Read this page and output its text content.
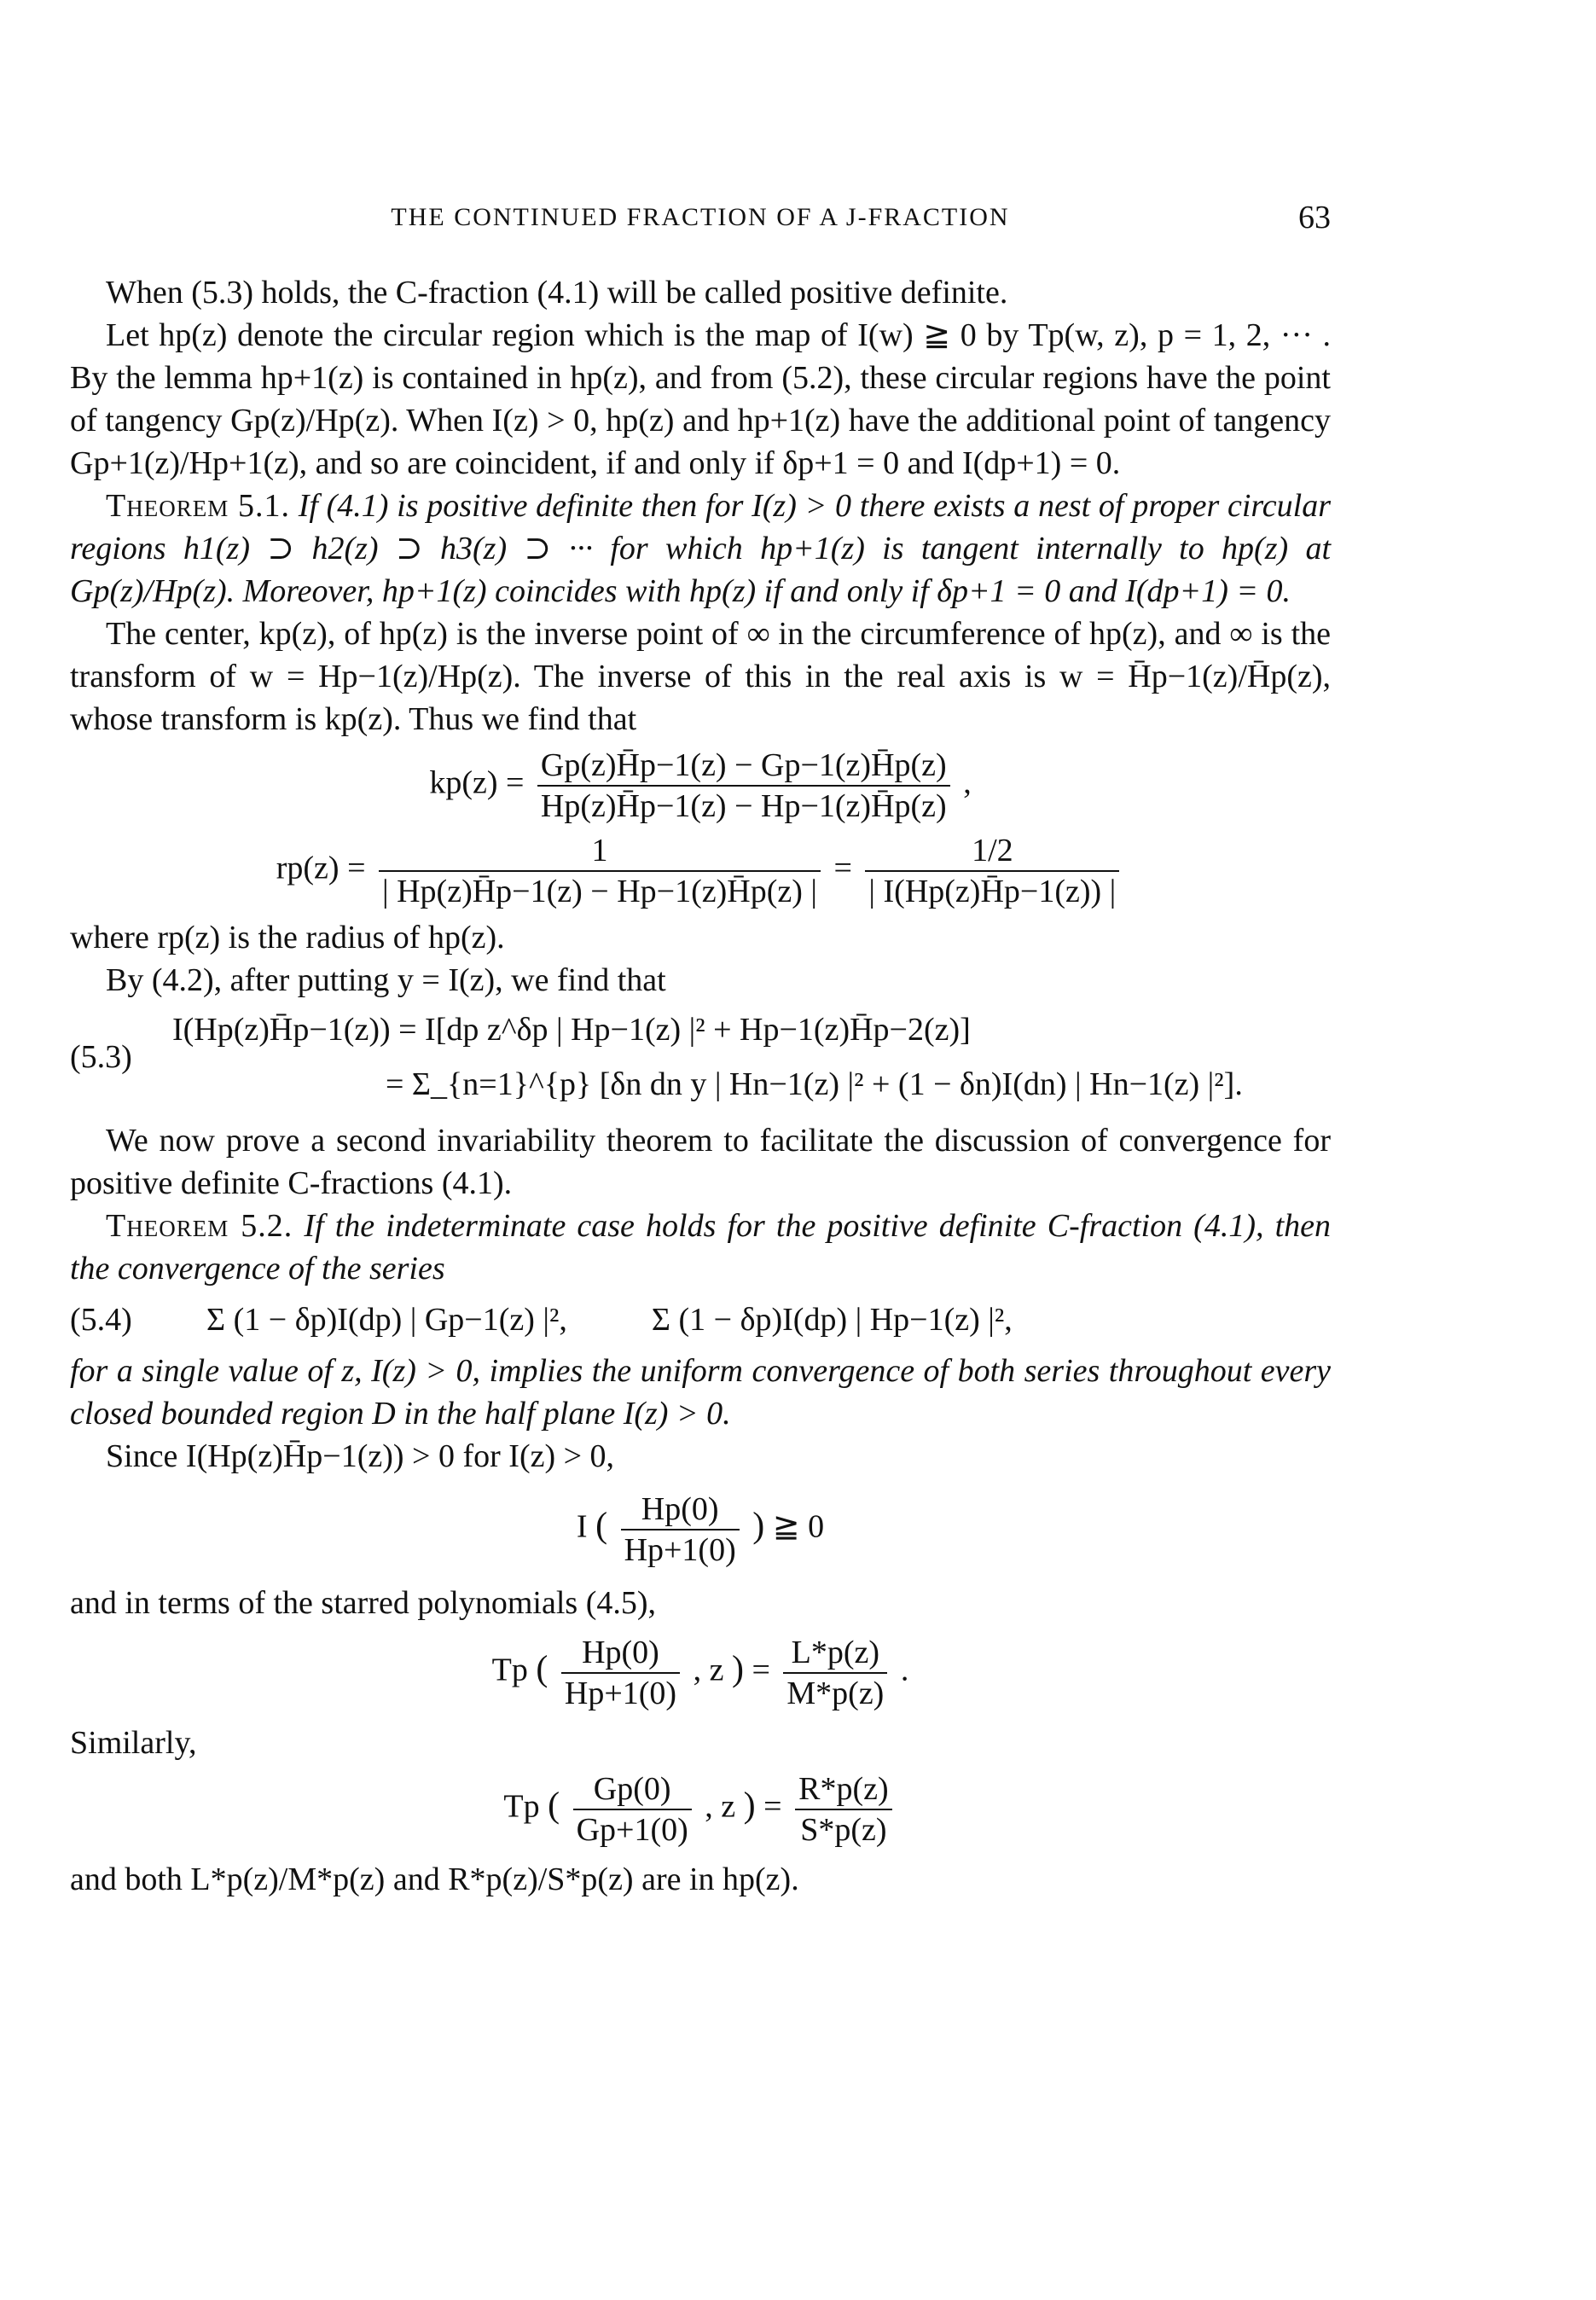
THE CONTINUED FRACTION OF A J-FRACTION	63

When (5.3) holds, the C-fraction (4.1) will be called positive definite.

Let hp(z) denote the circular region which is the map of I(w) ≧ 0 by Tp(w, z), p = 1, 2, ··· . By the lemma hp+1(z) is contained in hp(z), and from (5.2), these circular regions have the point of tangency Gp(z)/Hp(z). When I(z) > 0, hp(z) and hp+1(z) have the additional point of tangency Gp+1(z)/Hp+1(z), and so are coincident, if and only if δp+1 = 0 and I(dp+1) = 0.

Theorem 5.1. If (4.1) is positive definite then for I(z) > 0 there exists a nest of proper circular regions h1(z) ⊃ h2(z) ⊃ h3(z) ⊃ ··· for which hp+1(z) is tangent internally to hp(z) at Gp(z)/Hp(z). Moreover, hp+1(z) coincides with hp(z) if and only if δp+1 = 0 and I(dp+1) = 0.

The center, kp(z), of hp(z) is the inverse point of ∞ in the circumference of hp(z), and ∞ is the transform of w = Hp−1(z)/Hp(z). The inverse of this in the real axis is w = H̄p−1(z)/H̄p(z), whose transform is kp(z). Thus we find that

$kp(z) = \frac{Gp(z)H̄p-1(z) - Gp-1(z)H̄p(z)}{Hp(z)H̄p-1(z) - Hp-1(z)H̄p(z)}$ ,
$rp(z) = \frac{1}{| Hp(z)H̄p-1(z) - Hp-1(z)H̄p(z) |} = \frac{1/2}{| I(Hp(z)H̄p-1(z)) |}$

where rp(z) is the radius of hp(z).

By (4.2), after putting y = I(z), we find that

(5.3)
I(Hp(z)H̄p−1(z)) = I[dp z^δp | Hp−1(z) |² + Hp−1(z)H̄p−2(z)]
= Σ_{n=1}^{p} [δn dn y | Hn−1(z) |² + (1 − δn)I(dn) | Hn−1(z) |²].

We now prove a second invariability theorem to facilitate the discussion of convergence for positive definite C-fractions (4.1).

Theorem 5.2. If the indeterminate case holds for the positive definite C-fraction (4.1), then the convergence of the series

(5.4)	Σ (1 − δp)I(dp) | Gp−1(z) |²,	Σ (1 − δp)I(dp) | Hp−1(z) |²,

for a single value of z, I(z) > 0, implies the uniform convergence of both series throughout every closed bounded region D in the half plane I(z) > 0.

Since I(Hp(z)H̄p−1(z)) > 0 for I(z) > 0,

I ( $\frac{Hp(0)}{Hp+1(0)}$ ) ≧ 0

and in terms of the starred polynomials (4.5),

Tp ( $\frac{Hp(0)}{Hp+1(0)}$ , z ) = $\frac{L*p(z)}{M*p(z)}$ .

Similarly,

Tp ( $\frac{Gp(0)}{Gp+1(0)}$ , z ) = $\frac{R*p(z)}{S*p(z)}$

and both L*p(z)/M*p(z) and R*p(z)/S*p(z) are in hp(z).
